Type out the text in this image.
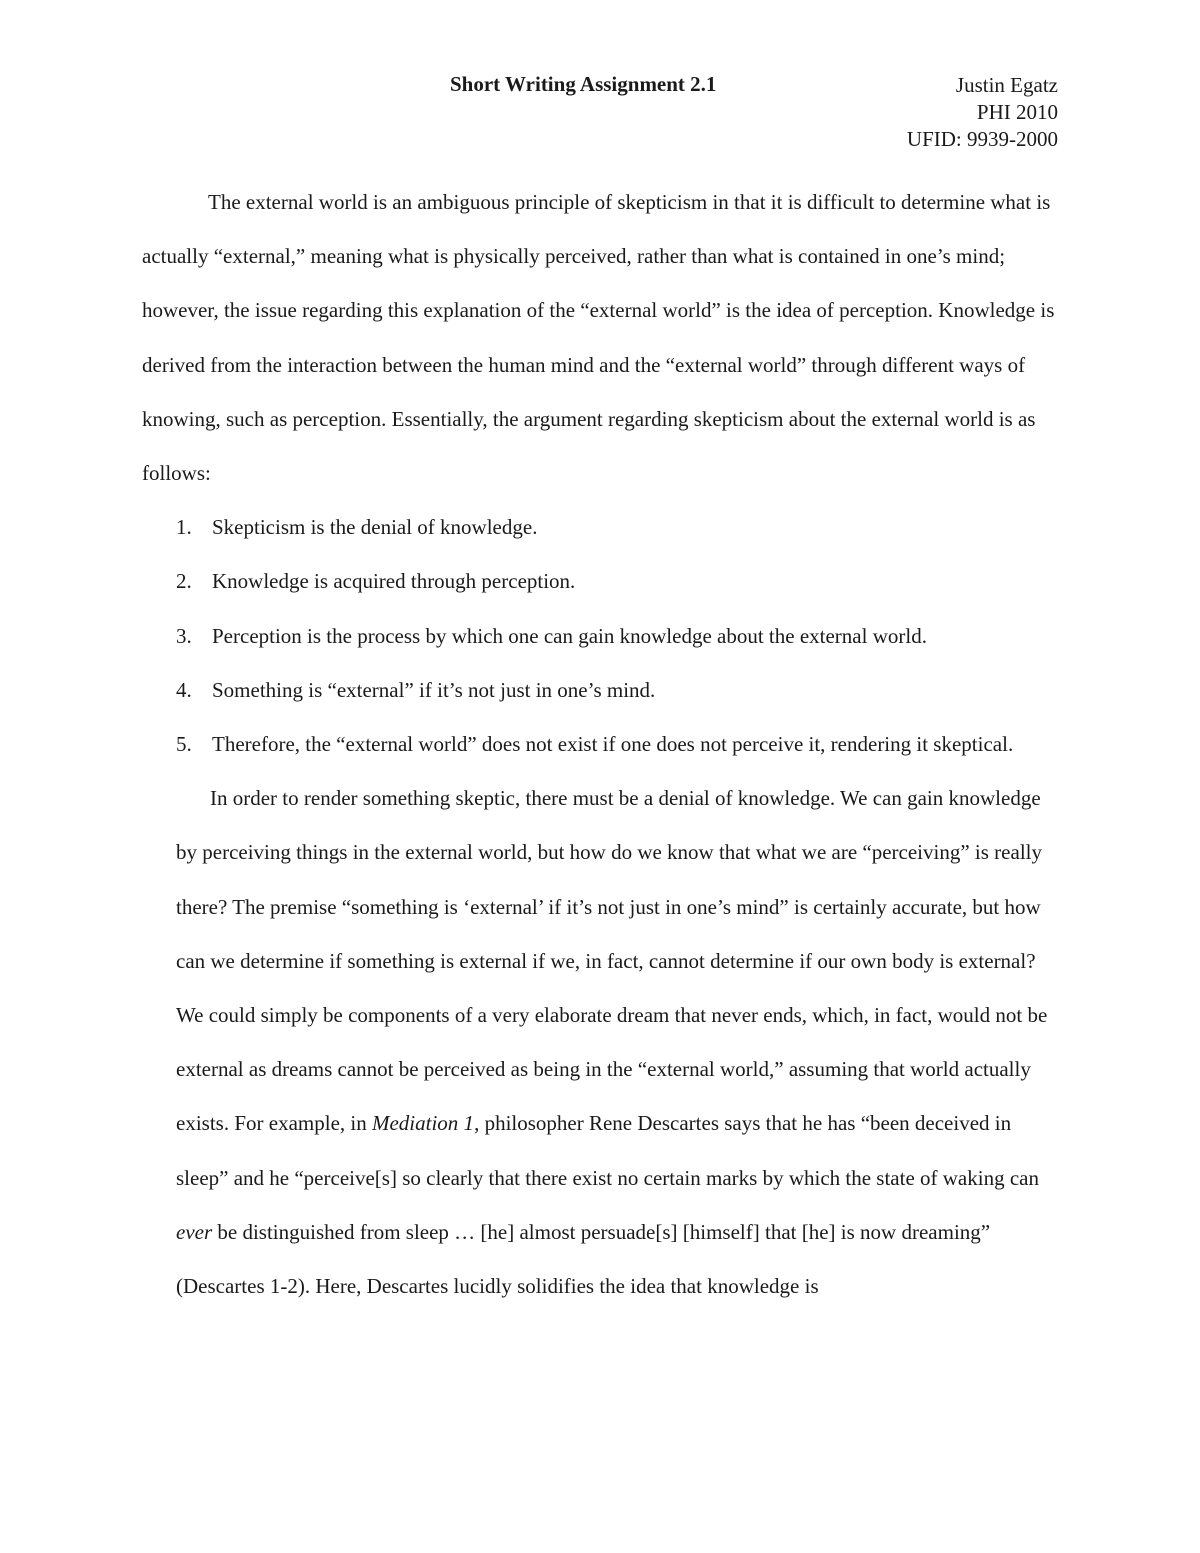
Short Writing Assignment 2.1	Justin Egatz
PHI 2010
UFID: 9939-2000

The external world is an ambiguous principle of skepticism in that it is difficult to determine what is actually “external,” meaning what is physically perceived, rather than what is contained in one’s mind; however, the issue regarding this explanation of the “external world” is the idea of perception. Knowledge is derived from the interaction between the human mind and the “external world” through different ways of knowing, such as perception. Essentially, the argument regarding skepticism about the external world is as follows:

1. Skepticism is the denial of knowledge.
2. Knowledge is acquired through perception.
3. Perception is the process by which one can gain knowledge about the external world.
4. Something is “external” if it’s not just in one’s mind.
5. Therefore, the “external world” does not exist if one does not perceive it, rendering it skeptical.

In order to render something skeptic, there must be a denial of knowledge. We can gain knowledge by perceiving things in the external world, but how do we know that what we are “perceiving” is really there? The premise “something is ‘external’ if it’s not just in one’s mind” is certainly accurate, but how can we determine if something is external if we, in fact, cannot determine if our own body is external? We could simply be components of a very elaborate dream that never ends, which, in fact, would not be external as dreams cannot be perceived as being in the “external world,” assuming that world actually exists. For example, in Mediation 1, philosopher Rene Descartes says that he has “been deceived in sleep” and he “perceive[s] so clearly that there exist no certain marks by which the state of waking can ever be distinguished from sleep … [he] almost persuade[s] [himself] that [he] is now dreaming” (Descartes 1-2). Here, Descartes lucidly solidifies the idea that knowledge is
